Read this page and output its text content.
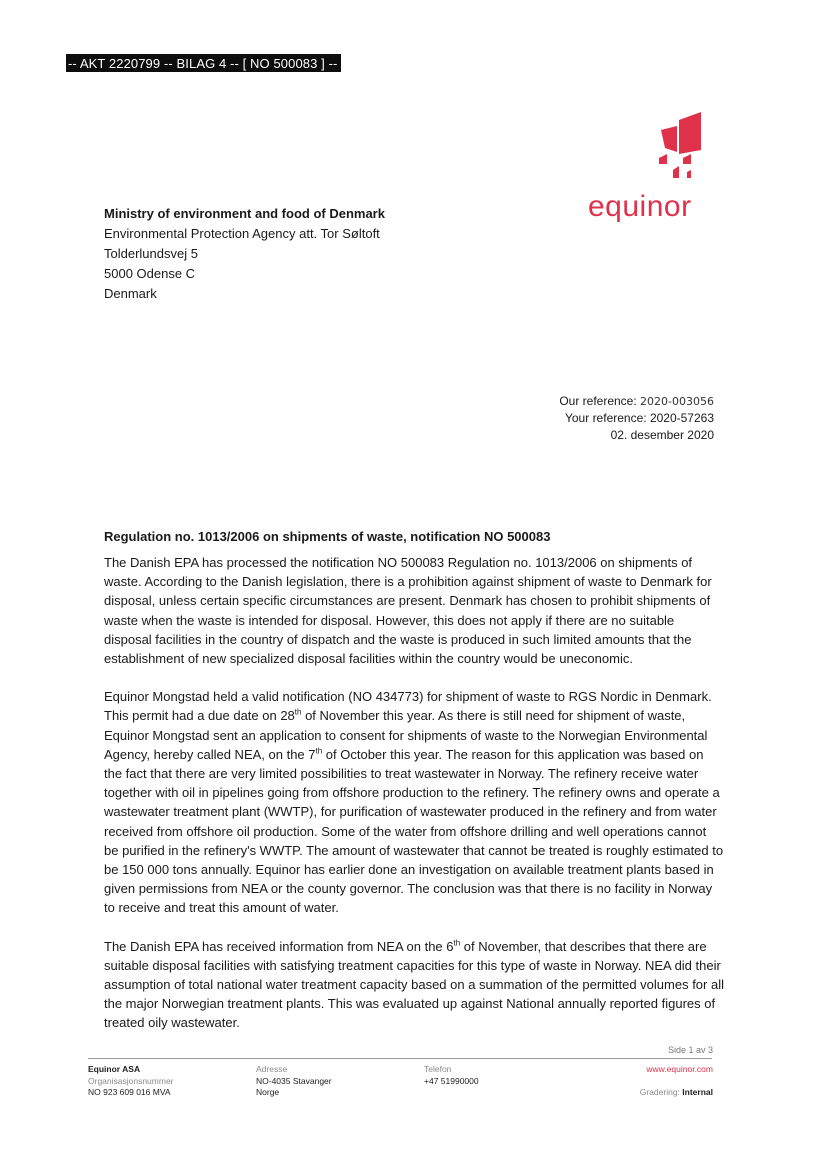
-- AKT 2220799 -- BILAG 4 -- [ NO 500083 ] --
equinor
Ministry of environment and food of Denmark
Environmental Protection Agency att. Tor Søltoft
Tolderlundsvej 5
5000 Odense C
Denmark
Our reference: 2020-003056
Your reference: 2020-57263
02. desember 2020
Regulation no. 1013/2006 on shipments of waste, notification NO 500083

The Danish EPA has processed the notification NO 500083 Regulation no. 1013/2006 on shipments of waste. According to the Danish legislation, there is a prohibition against shipment of waste to Denmark for disposal, unless certain specific circumstances are present. Denmark has chosen to prohibit shipments of waste when the waste is intended for disposal. However, this does not apply if there are no suitable disposal facilities in the country of dispatch and the waste is produced in such limited amounts that the establishment of new specialized disposal facilities within the country would be uneconomic.

Equinor Mongstad held a valid notification (NO 434773) for shipment of waste to RGS Nordic in Denmark. This permit had a due date on 28th of November this year. As there is still need for shipment of waste, Equinor Mongstad sent an application to consent for shipments of waste to the Norwegian Environmental Agency, hereby called NEA, on the 7th of October this year. The reason for this application was based on the fact that there are very limited possibilities to treat wastewater in Norway. The refinery receive water together with oil in pipelines going from offshore production to the refinery. The refinery owns and operate a wastewater treatment plant (WWTP), for purification of wastewater produced in the refinery and from water received from offshore oil production. Some of the water from offshore drilling and well operations cannot be purified in the refinery's WWTP. The amount of wastewater that cannot be treated is roughly estimated to be 150 000 tons annually. Equinor has earlier done an investigation on available treatment plants based in given permissions from NEA or the county governor. The conclusion was that there is no facility in Norway to receive and treat this amount of water.

The Danish EPA has received information from NEA on the 6th of November, that describes that there are suitable disposal facilities with satisfying treatment capacities for this type of waste in Norway. NEA did their assumption of total national water treatment capacity based on a summation of the permitted volumes for all the major Norwegian treatment plants. This was evaluated up against National annually reported figures of treated oily wastewater.

Side 1 av 3
Equinor ASA
Organisasjonsnummer
NO 923 609 016 MVA
Adresse
NO-4035 Stavanger
Norge
Telefon
+47 51990000
www.equinor.com

Gradering: Internal
